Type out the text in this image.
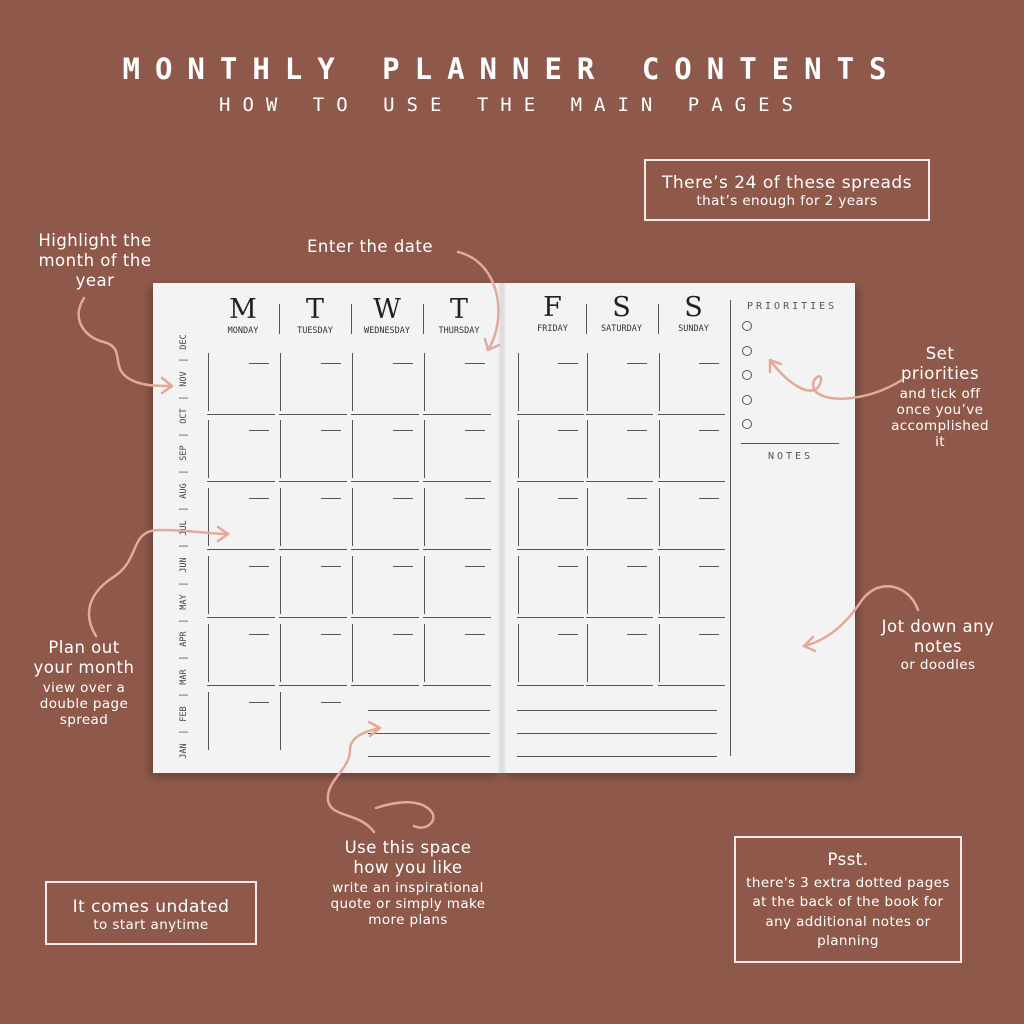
MONTHLY PLANNER CONTENTS
HOW TO USE THE MAIN PAGES
There’s 24 of these spreads
that’s enough for 2 years
Highlight the month of the year
Enter the date
JAN
|
FEB
|
MAR
|
APR
|
MAY
|
JUN
|
JUL
|
AUG
|
SEP
|
OCT
|
NOV
|
DEC
M
MONDAY
T
TUESDAY
W
WEDNESDAY
T
THURSDAY
F
FRIDAY
S
SATURDAY
S
SUNDAY
PRIORITIES
NOTES
Set priorities
and tick off once you’ve accomplished it
Plan out your month
view over a double page spread
Jot down any notes
or doodles
Use this space how you like
write an inspirational quote or simply make more plans
It comes undated
to start anytime
Psst.
there's 3 extra dotted pages at the back of the book for any additional notes or planning
